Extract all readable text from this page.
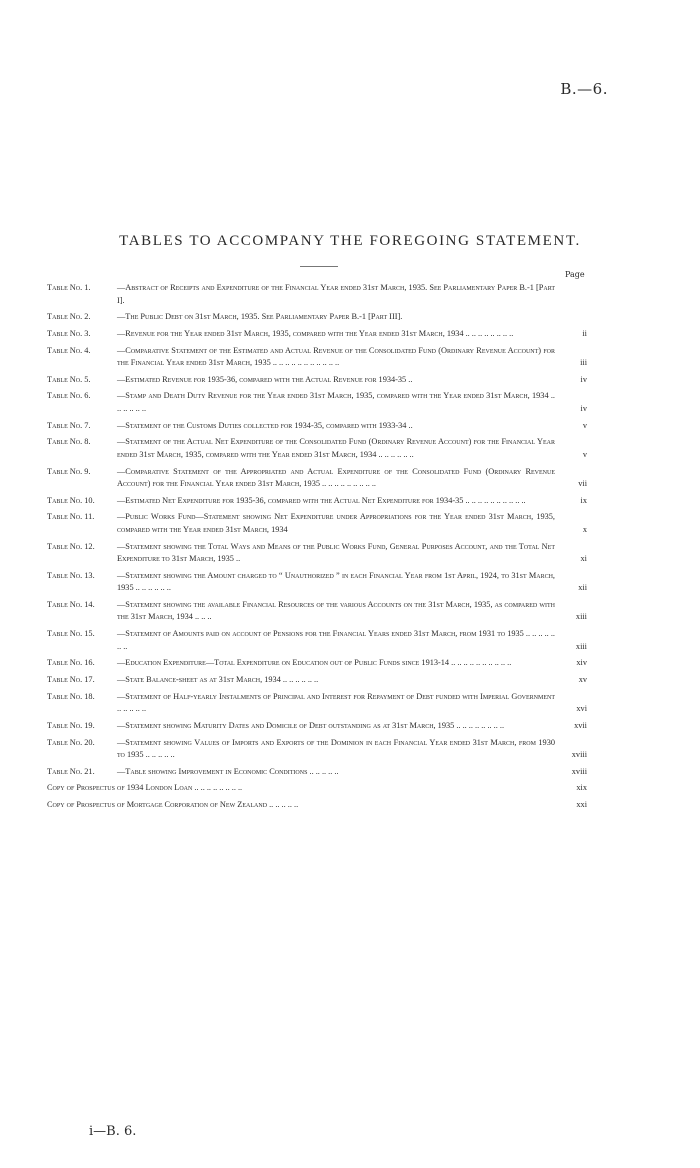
B.—6.
TABLES TO ACCOMPANY THE FOREGOING STATEMENT.
Page
Table No. 1.	—Abstract of Receipts and Expenditure of the Financial Year ended 31st March, 1935. See Parliamentary Paper B.-1 [Part I].
Table No. 2.	—The Public Debt on 31st March, 1935. See Parliamentary Paper B.-1 [Part III].
Table No. 3.	—Revenue for the Year ended 31st March, 1935, compared with the Year ended 31st March, 1934 .. .. .. .. .. .. .. ..	ii
Table No. 4.	—Comparative Statement of the Estimated and Actual Revenue of the Consolidated Fund (Ordinary Revenue Account) for the Financial Year ended 31st March, 1935 .. .. .. .. .. .. .. .. .. .. ..	iii
Table No. 5.	—Estimated Revenue for 1935-36, compared with the Actual Revenue for 1934-35 ..	iv
Table No. 6.	—Stamp and Death Duty Revenue for the Year ended 31st March, 1935, compared with the Year ended 31st March, 1934 .. .. .. .. .. ..	iv
Table No. 7.	—Statement of the Customs Duties collected for 1934-35, compared with 1933-34 ..	v
Table No. 8.	—Statement of the Actual Net Expenditure of the Consolidated Fund (Ordinary Revenue Account) for the Financial Year ended 31st March, 1935, compared with the Year ended 31st March, 1934 .. .. .. .. .. ..	v
Table No. 9.	—Comparative Statement of the Appropriated and Actual Expenditure of the Consolidated Fund (Ordinary Revenue Account) for the Financial Year ended 31st March, 1935 .. .. .. .. .. .. .. .. ..	vii
Table No. 10.	—Estimated Net Expenditure for 1935-36, compared with the Actual Net Expenditure for 1934-35 .. .. .. .. .. .. .. .. .. ..	ix
Table No. 11.	—Public Works Fund—Statement showing Net Expenditure under Appropriations for the Year ended 31st March, 1935, compared with the Year ended 31st March, 1934	x
Table No. 12.	—Statement showing the Total Ways and Means of the Public Works Fund, General Purposes Account, and the Total Net Expenditure to 31st March, 1935 ..	xi
Table No. 13.	—Statement showing the Amount charged to “ Unauthorized ” in each Financial Year from 1st April, 1924, to 31st March, 1935 .. .. .. .. .. ..	xii
Table No. 14.	—Statement showing the available Financial Resources of the various Accounts on the 31st March, 1935, as compared with the 31st March, 1934 .. .. ..	xiii
Table No. 15.	—Statement of Amounts paid on account of Pensions for the Financial Years ended 31st March, from 1931 to 1935 .. .. .. .. .. .. ..	xiii
Table No. 16.	—Education Expenditure—Total Expenditure on Education out of Public Funds since 1913-14 .. .. .. .. .. .. .. .. .. ..	xiv
Table No. 17.	—State Balance-sheet as at 31st March, 1934 .. .. .. .. .. ..	xv
Table No. 18.	—Statement of Half-yearly Instalments of Principal and Interest for Repayment of Debt funded with Imperial Government .. .. .. .. ..	xvi
Table No. 19.	—Statement showing Maturity Dates and Domicile of Debt outstanding as at 31st March, 1935 .. .. .. .. .. .. .. ..	xvii
Table No. 20.	—Statement showing Values of Imports and Exports of the Dominion in each Financial Year ended 31st March, from 1930 to 1935 .. .. .. .. ..	xviii
Table No. 21.	—Table showing Improvement in Economic Conditions .. .. .. .. ..	xviii
Copy of Prospectus of 1934 London Loan .. .. .. .. .. .. .. ..	xix
Copy of Prospectus of Mortgage Corporation of New Zealand .. .. .. .. ..	xxi
i—B. 6.
